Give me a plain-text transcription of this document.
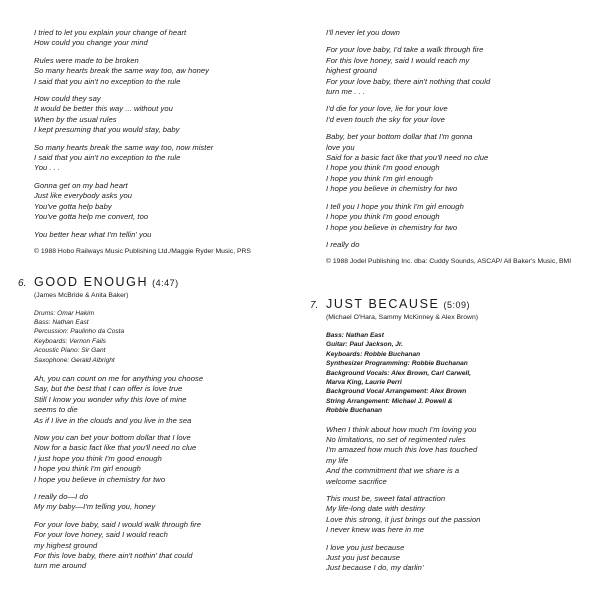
I tried to let you explain your change of heart
How could you change your mind
Rules were made to be broken
So many hearts break the same way too, aw honey
I said that you ain't no exception to the rule
How could they say
It would be better this way ... without you
When by the usual rules
I kept presuming that you would stay, baby
So many hearts break the same way too, now mister
I said that you ain't no exception to the rule
You . . .
Gonna get on my bad heart
Just like everybody asks you
You've gotta help baby
You've gotta help me convert, too
You better hear what I'm tellin' you
© 1988 Hobo Railways Music Publishing Ltd./Maggie Ryder Music, PRS
6. GOOD ENOUGH (4:47)
(James McBride & Anita Baker)
Drums: Omar Hakim
Bass: Nathan East
Percussion: Paulinho da Costa
Keyboards: Vernon Fails
Acoustic Piano: Sir Gant
Saxophone: Gerald Albright
Ah, you can count on me for anything you choose
Say, but the best that I can offer is love true
Still I know you wonder why this love of mine
seems to die
As if I live in the clouds and you live in the sea
Now you can bet your bottom dollar that I love
Now for a basic fact like that you'll need no clue
I just hope you think I'm good enough
I hope you think I'm girl enough
I hope you believe in chemistry for two
I really do—I do
My my baby—I'm telling you, honey
For your love baby, said I would walk through fire
For your love honey, said I would reach
my highest ground
For this love baby, there ain't nothin' that could
turn me around
I'll never let you down
For your love baby, I'd take a walk through fire
For this love honey, said I would reach my
highest ground
For your love baby, there ain't nothing that could
turn me . . .
I'd die for your love, lie for your love
I'd even touch the sky for your love
Baby, bet your bottom dollar that I'm gonna
love you
Said for a basic fact like that you'll need no clue
I hope you think I'm good enough
I hope you think I'm girl enough
I hope you believe in chemistry for two
I tell you I hope you think I'm girl enough
I hope you think I'm good enough
I hope you believe in chemistry for two
I really do
© 1988 Jodel Publishing Inc. dba: Cuddy Sounds, ASCAP/ All Baker's Music, BMI
7. JUST BECAUSE (5:09)
(Michael O'Hara, Sammy McKinney & Alex Brown)
Bass: Nathan East
Guitar: Paul Jackson, Jr.
Keyboards: Robbie Buchanan
Synthesizer Programming: Robbie Buchanan
Background Vocals: Alex Brown, Carl Carwell,
Marva King, Laurie Perri
Background Vocal Arrangement: Alex Brown
String Arrangement: Michael J. Powell &
Robbie Buchanan
When I think about how much I'm loving you
No limitations, no set of regimented rules
I'm amazed how much this love has touched
my life
And the commitment that we share is a
welcome sacrifice
This must be, sweet fatal attraction
My life-long date with destiny
Love this strong, it just brings out the passion
I never knew was here in me
I love you just because
Just you just because
Just because I do, my darlin'
